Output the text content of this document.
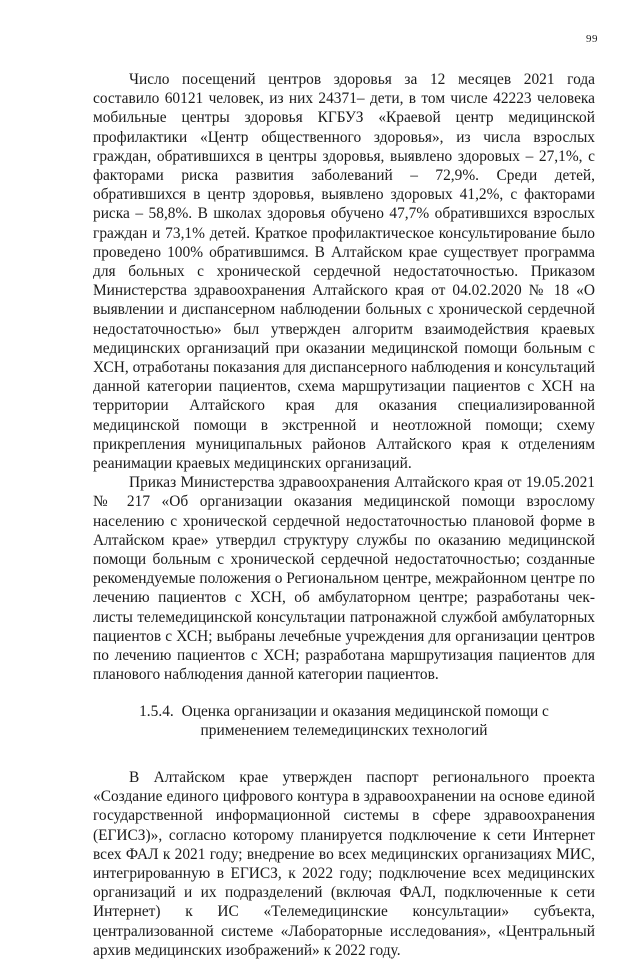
99

Число посещений центров здоровья за 12 месяцев 2021 года составило 60121 человек, из них 24371– дети, в том числе 42223 человека мобильные центры здоровья КГБУЗ «Краевой центр медицинской профилактики «Центр общественного здоровья», из числа взрослых граждан, обратившихся в центры здоровья, выявлено здоровых – 27,1%, с факторами риска развития заболеваний – 72,9%. Среди детей, обратившихся в центр здоровья, выявлено здоровых 41,2%, с факторами риска – 58,8%. В школах здоровья обучено 47,7% обратившихся взрослых граждан и 73,1% детей. Краткое профилактическое консультирование было проведено 100% обратившимся. В Алтайском крае существует программа для больных с хронической сердечной недостаточностью. Приказом Министерства здравоохранения Алтайского края от 04.02.2020 № 18 «О выявлении и диспансерном наблюдении больных с хронической сердечной недостаточностью» был утвержден алгоритм взаимодействия краевых медицинских организаций при оказании медицинской помощи больным с ХСН, отработаны показания для диспансерного наблюдения и консультаций данной категории пациентов, схема маршрутизации пациентов с ХСН на территории Алтайского края для оказания специализированной медицинской помощи в экстренной и неотложной помощи; схему прикрепления муниципальных районов Алтайского края к отделениям реанимации краевых медицинских организаций.

Приказ Министерства здравоохранения Алтайского края от 19.05.2021 № 217 «Об организации оказания медицинской помощи взрослому населению с хронической сердечной недостаточностью плановой форме в Алтайском крае» утвердил структуру службы по оказанию медицинской помощи больным с хронической сердечной недостаточностью; созданные рекомендуемые положения о Региональном центре, межрайонном центре по лечению пациентов с ХСН, об амбулаторном центре; разработаны чек-листы телемедицинской консультации патронажной службой амбулаторных пациентов с ХСН; выбраны лечебные учреждения для организации центров по лечению пациентов с ХСН; разработана маршрутизация пациентов для планового наблюдения данной категории пациентов.

1.5.4. Оценка организации и оказания медицинской помощи с применением телемедицинских технологий

В Алтайском крае утвержден паспорт регионального проекта «Создание единого цифрового контура в здравоохранении на основе единой государственной информационной системы в сфере здравоохранения (ЕГИСЗ)», согласно которому планируется подключение к сети Интернет всех ФАЛ к 2021 году; внедрение во всех медицинских организациях МИС, интегрированную в ЕГИСЗ, к 2022 году; подключение всех медицинских организаций и их подразделений (включая ФАЛ, подключенные к сети Интернет) к ИС «Телемедицинские консультации» субъекта, централизованной системе «Лабораторные исследования», «Центральный архив медицинских изображений» к 2022 году.
